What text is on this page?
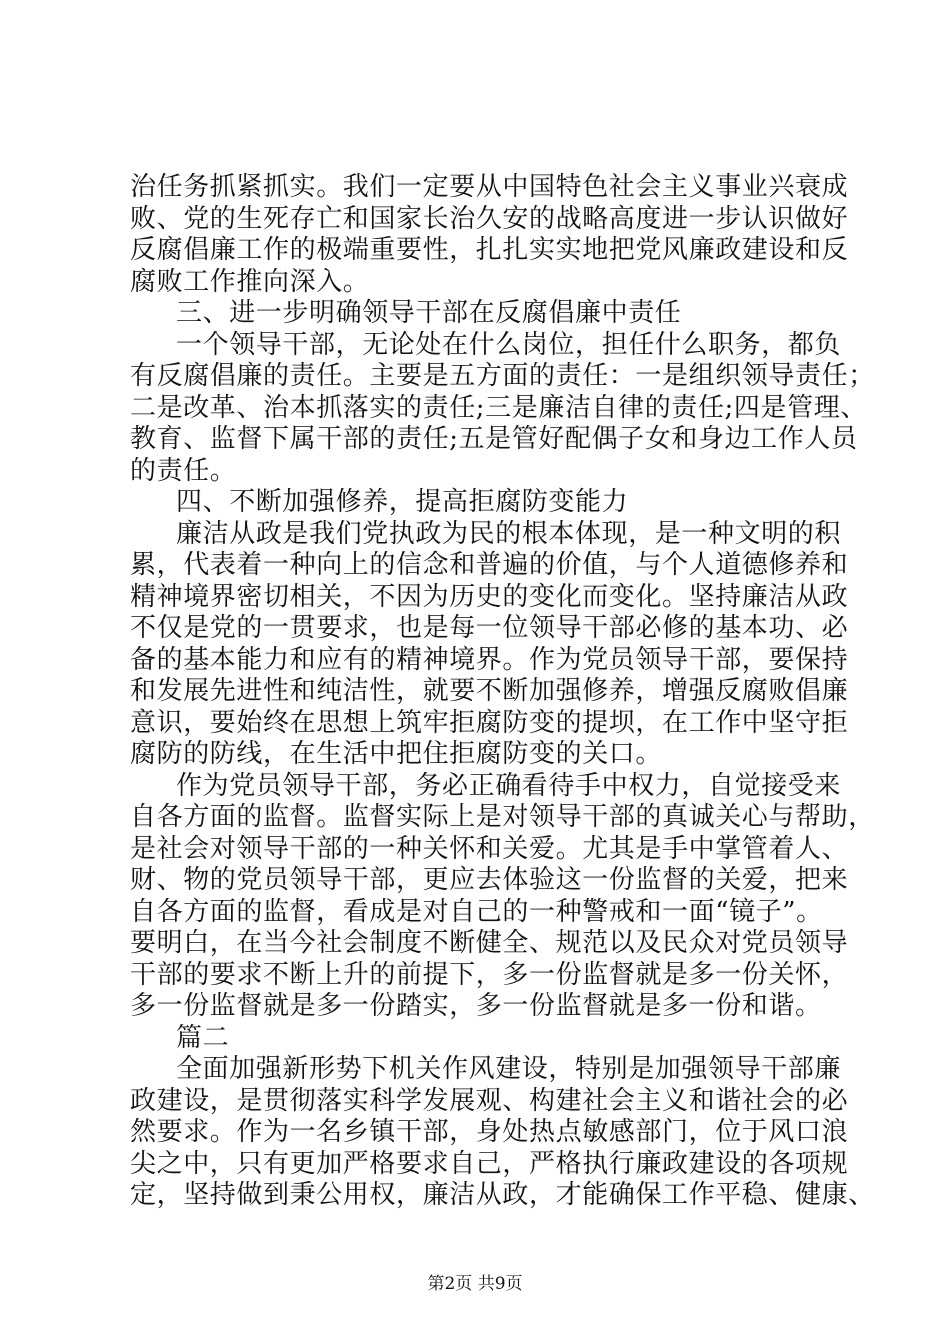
治任务抓紧抓实。我们一定要从中国特色社会主义事业兴衰成
败、党的生死存亡和国家长治久安的战略高度进一步认识做好
反腐倡廉工作的极端重要性，扎扎实实地把党风廉政建设和反
腐败工作推向深入。
三、进一步明确领导干部在反腐倡廉中责任
一个领导干部，无论处在什么岗位，担任什么职务，都负
有反腐倡廉的责任。主要是五方面的责任：一是组织领导责任；
二是改革、治本抓落实的责任;三是廉洁自律的责任;四是管理、
教育、监督下属干部的责任;五是管好配偶子女和身边工作人员
的责任。
四、不断加强修养，提高拒腐防变能力
廉洁从政是我们党执政为民的根本体现，是一种文明的积
累，代表着一种向上的信念和普遍的价值，与个人道德修养和
精神境界密切相关，不因为历史的变化而变化。坚持廉洁从政
不仅是党的一贯要求，也是每一位领导干部必修的基本功、必
备的基本能力和应有的精神境界。作为党员领导干部，要保持
和发展先进性和纯洁性，就要不断加强修养，增强反腐败倡廉
意识，要始终在思想上筑牢拒腐防变的提坝，在工作中坚守拒
腐防的防线，在生活中把住拒腐防变的关口。
作为党员领导干部，务必正确看待手中权力，自觉接受来
自各方面的监督。监督实际上是对领导干部的真诚关心与帮助，
是社会对领导干部的一种关怀和关爱。尤其是手中掌管着人、
财、物的党员领导干部，更应去体验这一份监督的关爱，把来
自各方面的监督，看成是对自己的一种警戒和一面“镜子”。
要明白，在当今社会制度不断健全、规范以及民众对党员领导
干部的要求不断上升的前提下，多一份监督就是多一份关怀，
多一份监督就是多一份踏实，多一份监督就是多一份和谐。
篇二
全面加强新形势下机关作风建设，特别是加强领导干部廉
政建设，是贯彻落实科学发展观、构建社会主义和谐社会的必
然要求。作为一名乡镇干部，身处热点敏感部门，位于风口浪
尖之中，只有更加严格要求自己，严格执行廉政建设的各项规
定，坚持做到秉公用权，廉洁从政，才能确保工作平稳、健康、
第2页 共9页
